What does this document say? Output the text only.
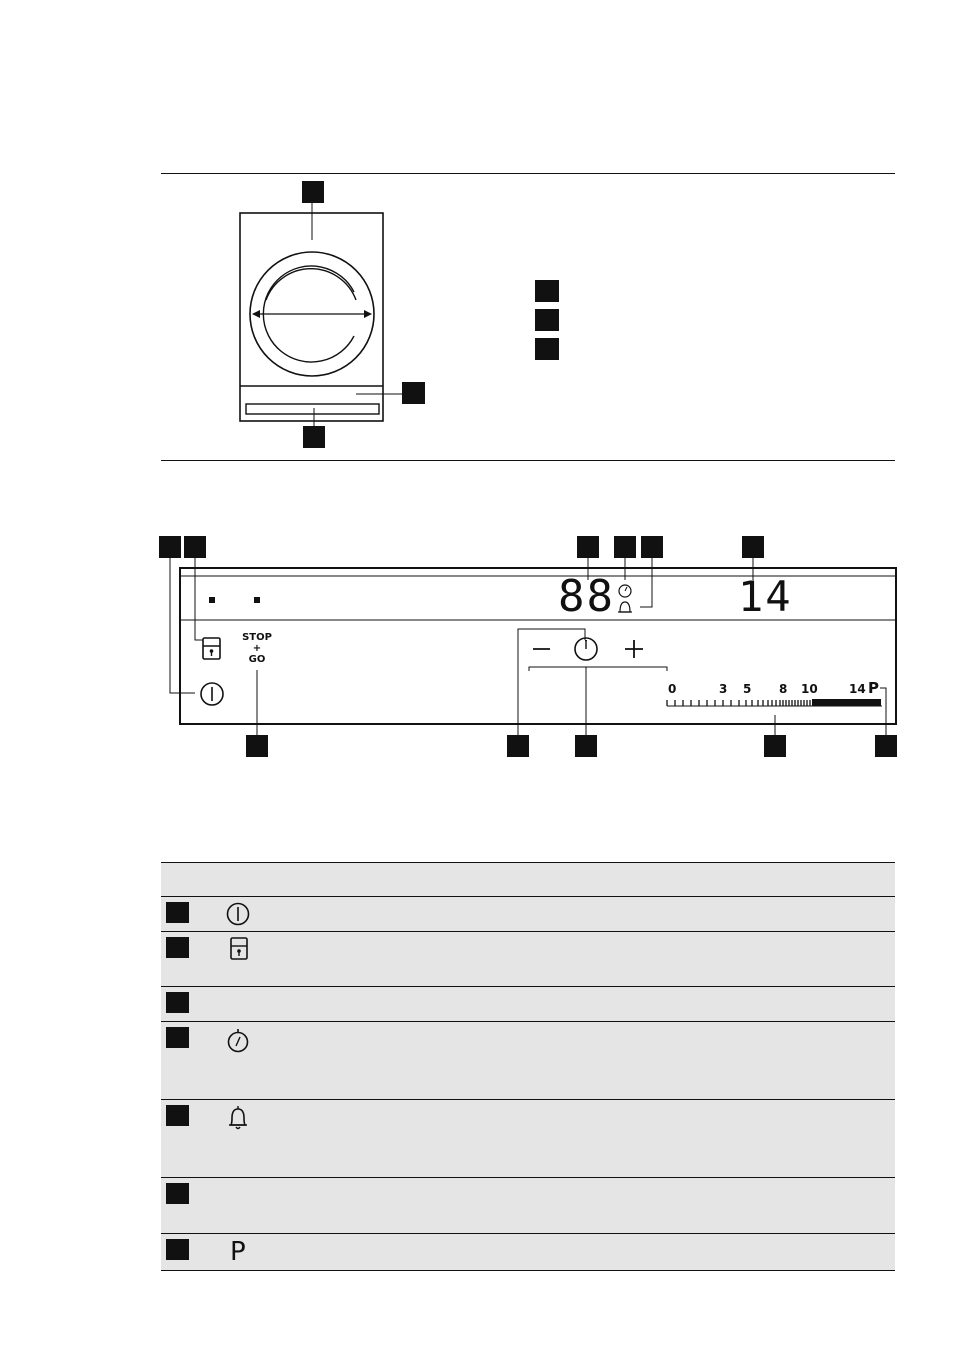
STOP
+
GO
88	14
0	3 5 8 10	14 P
P
